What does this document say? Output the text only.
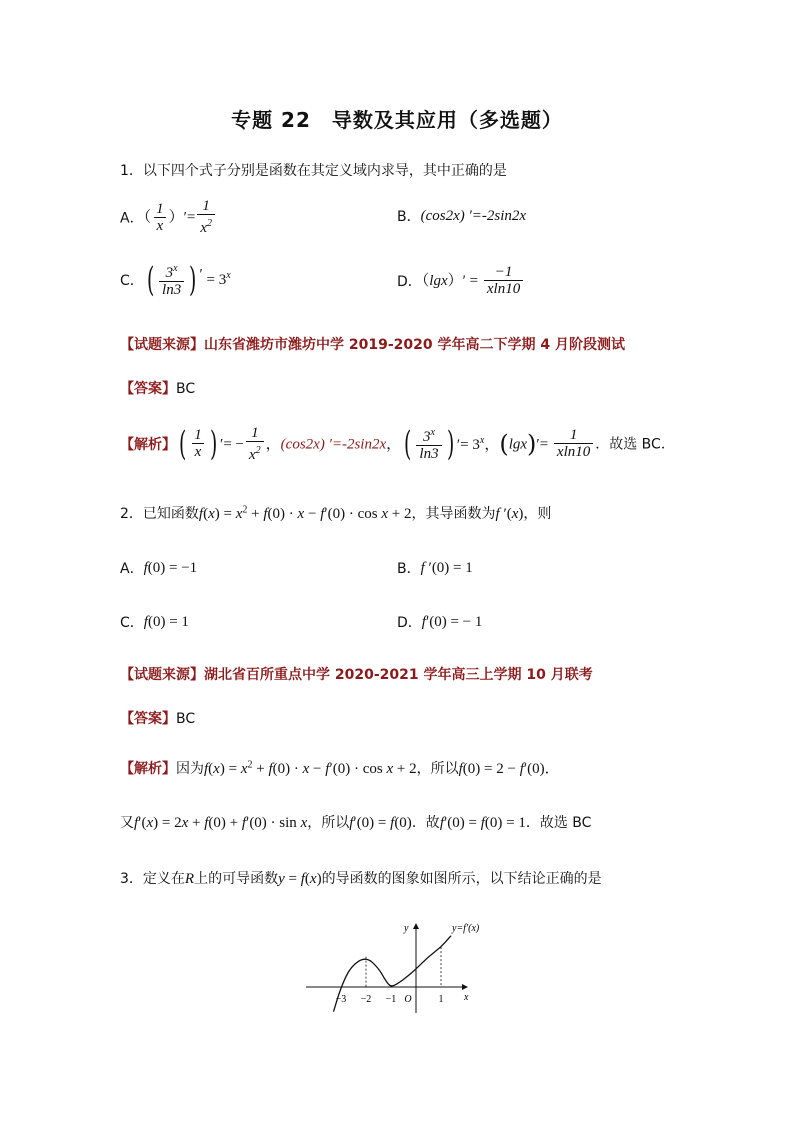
专题 22　导数及其应用（多选题）
1．以下四个式子分别是函数在其定义域内求导，其中正确的是
A．（ $\frac{1}{x}$ ）′= $\frac{1}{x^2}$	B．(cos2x) ′=-2sin2x
C．( $\frac{3^x}{\ln 3}$ ) $' = 3^x$	D．$(\lg x)' = \frac{-1}{xln10}$
【试题来源】山东省潍坊市潍坊中学 2019-2020 学年高二下学期 4 月阶段测试
【答案】BC
【解析】( $\frac{1}{x}$ ) ′= − $\frac{1}{x^2}$ ，(cos2x) ′=-2sin2x，( $\frac{3^x}{\ln 3}$ ) ′= $3^x$，$(\lg x)'= \frac{1}{xln10}$ ．故选 BC．
2．已知函数$f(x) = x^2 + f(0) \cdot x - f'(0) \cdot \cos x + 2$，其导函数为f ′(x)，则
A．f(0) = −1	B．f ′(0) = 1
C．f(0) = 1	D．f′(0) = − 1
【试题来源】湖北省百所重点中学 2020-2021 学年高三上学期 10 月联考
【答案】BC
【解析】因为$f(x) = x^2 + f(0) \cdot x - f'(0) \cdot \cos x + 2$，所以f(0) = 2 − f′(0)．
又f′(x) = 2x + f(0) + f′(0) · sin x，所以f′(0) = f(0)．故f′(0) = f(0) = 1．故选 BC
3．定义在R上的可导函数y = f(x)的导函数的图象如图所示，以下结论正确的是
−3 −2 −1	1
O	x
y	y=f′(x)
